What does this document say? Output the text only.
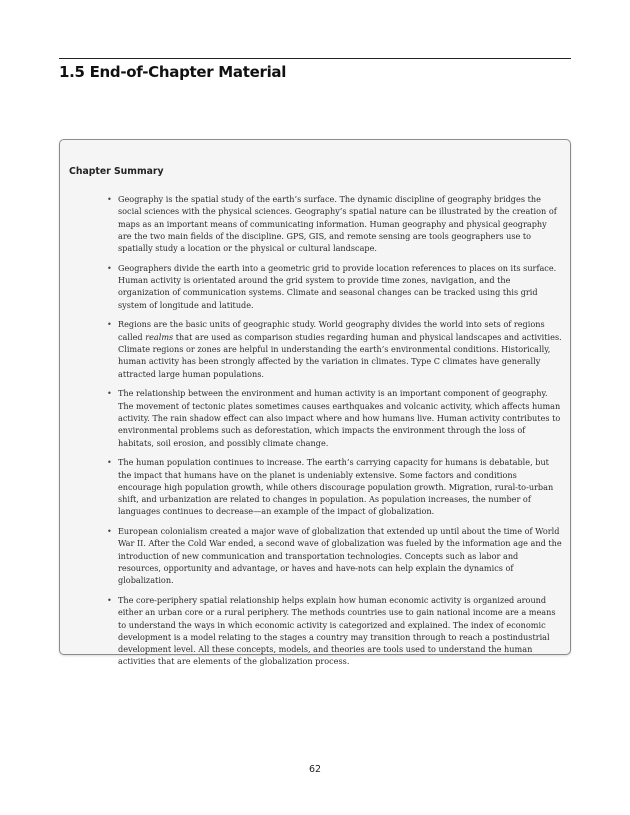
1.5 End-of-Chapter Material
Chapter Summary
• Geography is the spatial study of the earth’s surface. The dynamic discipline of geography bridges the social sciences with the physical sciences. Geography’s spatial nature can be illustrated by the creation of maps as an important means of communicating information. Human geography and physical geography are the two main fields of the discipline. GPS, GIS, and remote sensing are tools geographers use to spatially study a location or the physical or cultural landscape.
• Geographers divide the earth into a geometric grid to provide location references to places on its surface. Human activity is orientated around the grid system to provide time zones, navigation, and the organization of communication systems. Climate and seasonal changes can be tracked using this grid system of longitude and latitude.
• Regions are the basic units of geographic study. World geography divides the world into sets of regions called realms that are used as comparison studies regarding human and physical landscapes and activities. Climate regions or zones are helpful in understanding the earth’s environmental conditions. Historically, human activity has been strongly affected by the variation in climates. Type C climates have generally attracted large human populations.
• The relationship between the environment and human activity is an important component of geography. The movement of tectonic plates sometimes causes earthquakes and volcanic activity, which affects human activity. The rain shadow effect can also impact where and how humans live. Human activity contributes to environmental problems such as deforestation, which impacts the environment through the loss of habitats, soil erosion, and possibly climate change.
• The human population continues to increase. The earth’s carrying capacity for humans is debatable, but the impact that humans have on the planet is undeniably extensive. Some factors and conditions encourage high population growth, while others discourage population growth. Migration, rural-to-urban shift, and urbanization are related to changes in population. As population increases, the number of languages continues to decrease—an example of the impact of globalization.
• European colonialism created a major wave of globalization that extended up until about the time of World War II. After the Cold War ended, a second wave of globalization was fueled by the information age and the introduction of new communication and transportation technologies. Concepts such as labor and resources, opportunity and advantage, or haves and have-nots can help explain the dynamics of globalization.
• The core-periphery spatial relationship helps explain how human economic activity is organized around either an urban core or a rural periphery. The methods countries use to gain national income are a means to understand the ways in which economic activity is categorized and explained. The index of economic development is a model relating to the stages a country may transition through to reach a postindustrial development level. All these concepts, models, and theories are tools used to understand the human activities that are elements of the globalization process.
62
